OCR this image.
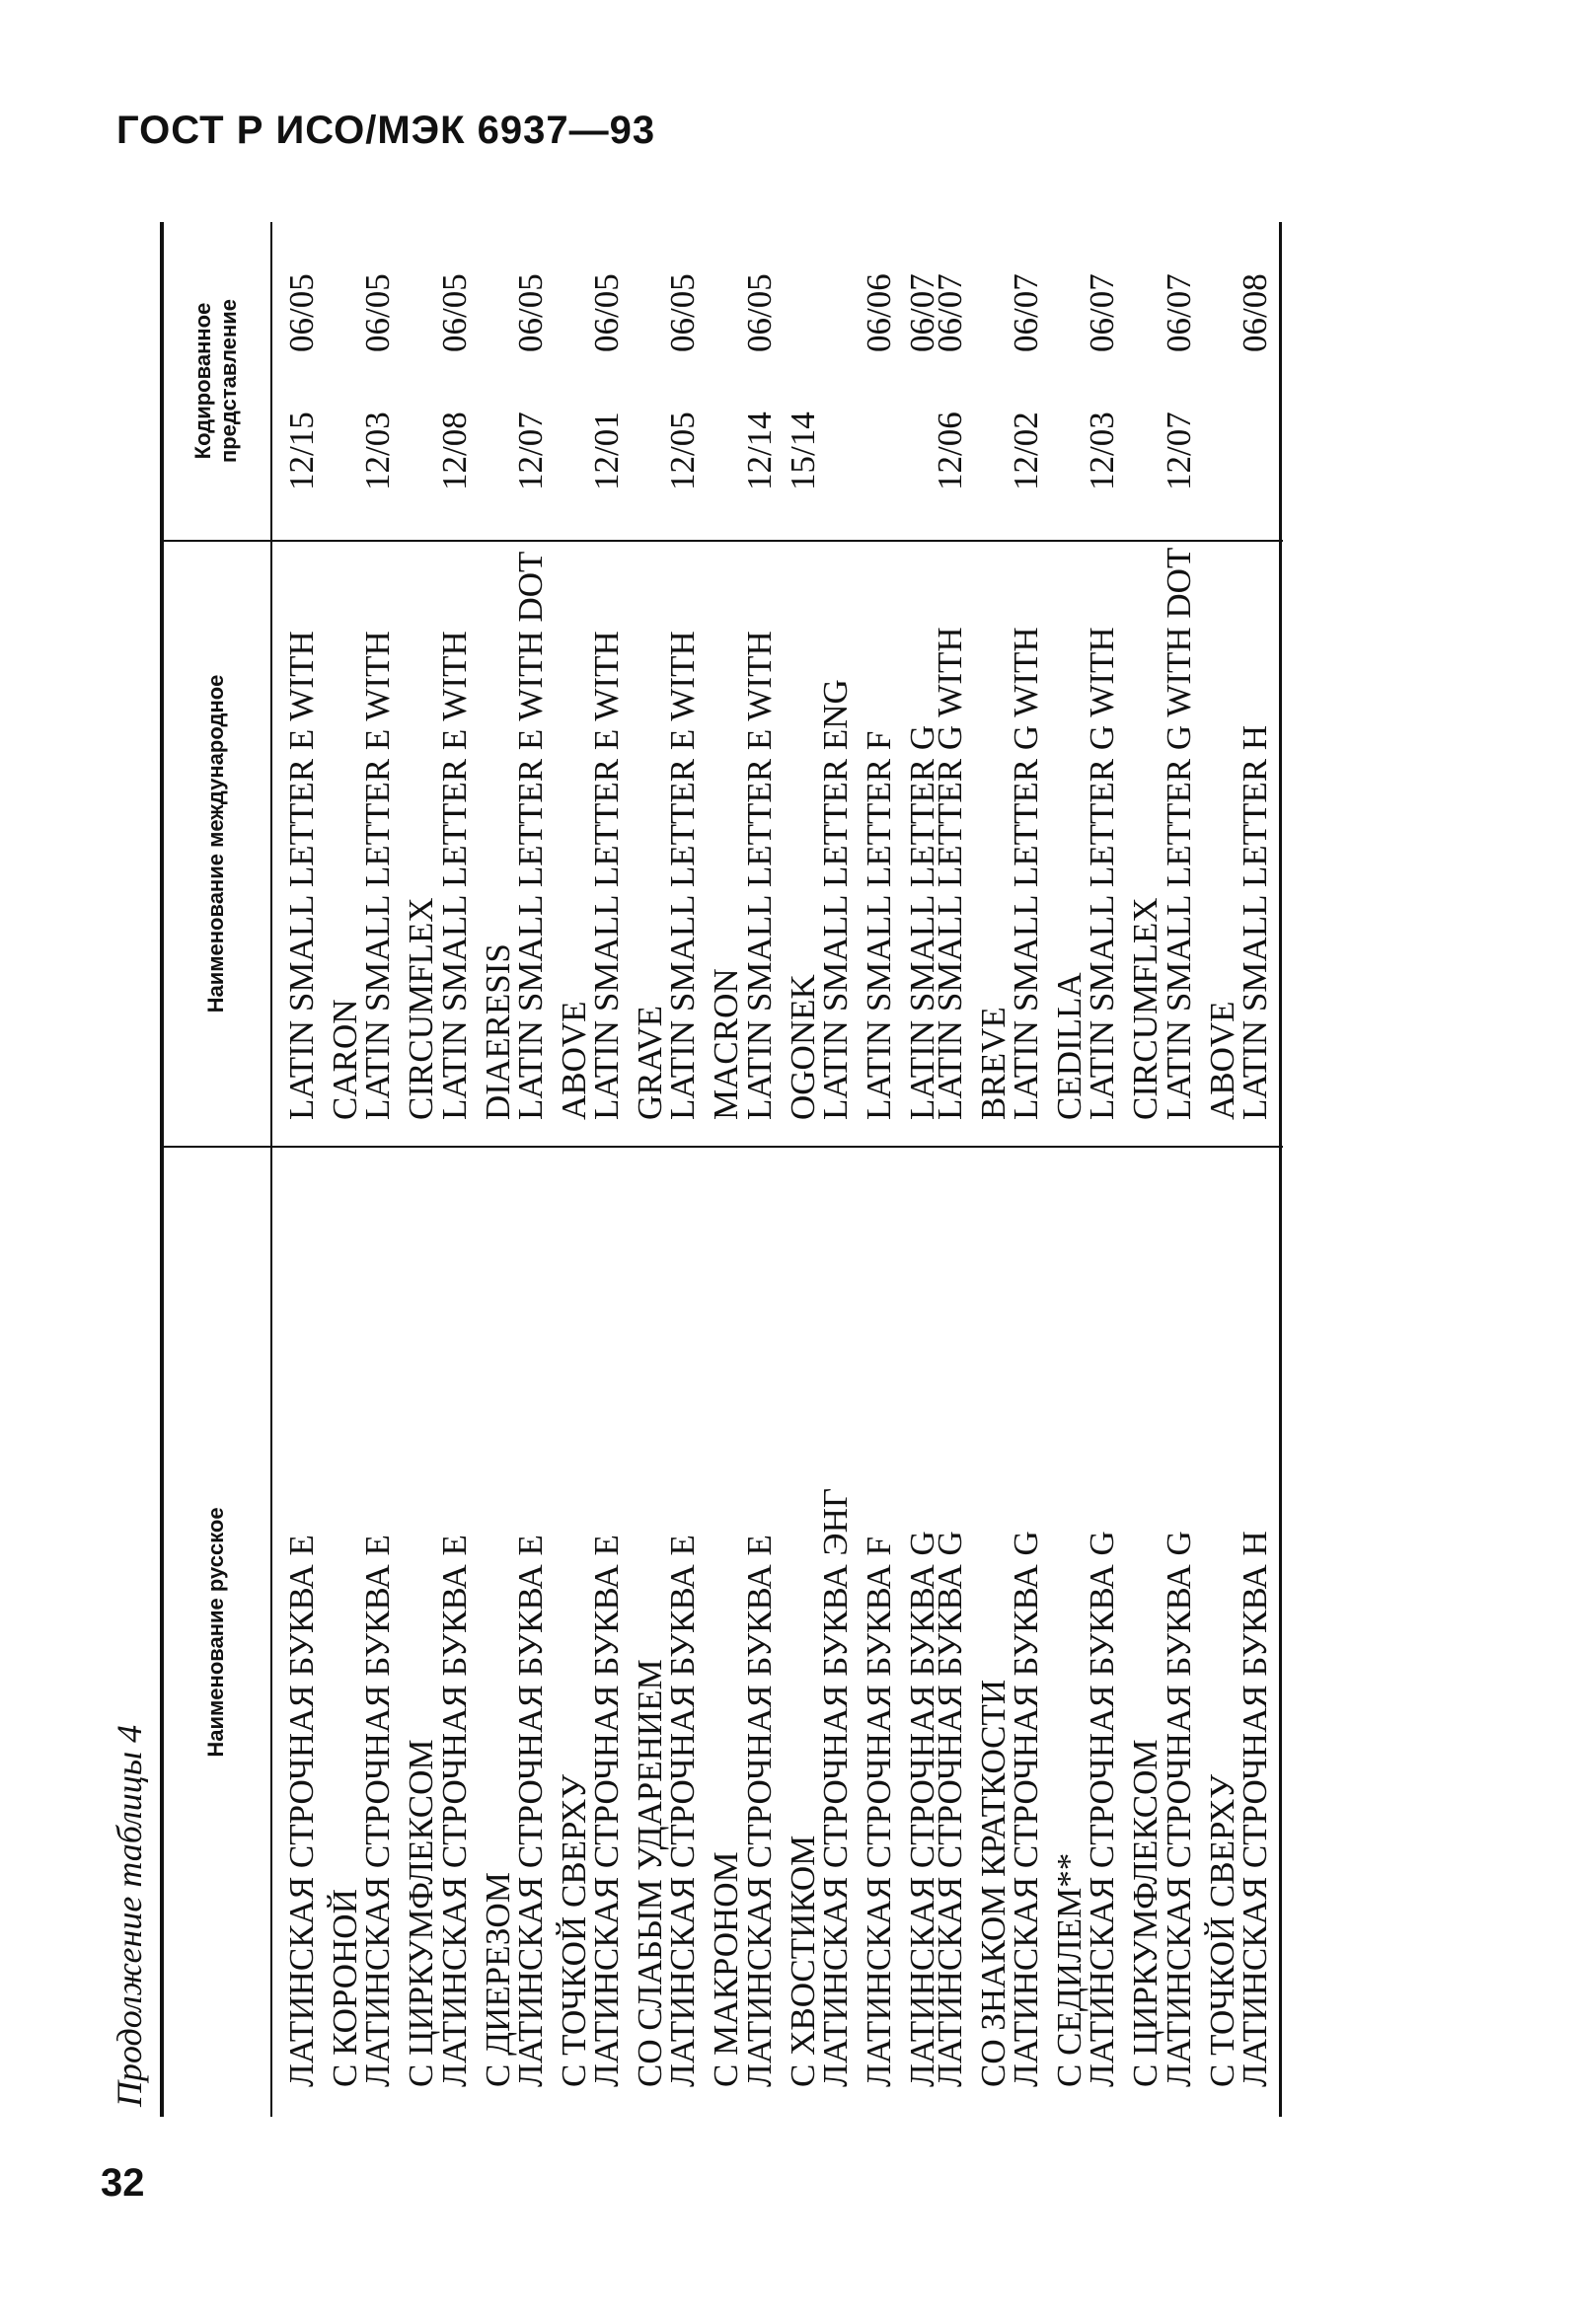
ГОСТ Р ИСО/МЭК 6937—93
32
Продолжение таблицы 4
Наименование русское
Наименование международное
Кодированное представление
ЛАТИНСКАЯ СТРОЧНАЯ БУКВА E С КОРОНОЙ
LATIN SMALL LETTER E WITH CARON
12/15
06/05
ЛАТИНСКАЯ СТРОЧНАЯ БУКВА E С ЦИРКУМФЛЕКСОМ
LATIN SMALL LETTER E WITH CIRCUMFLEX
12/03
06/05
ЛАТИНСКАЯ СТРОЧНАЯ БУКВА E С ДИЕРЕЗОМ
LATIN SMALL LETTER E WITH DIAERESIS
12/08
06/05
ЛАТИНСКАЯ СТРОЧНАЯ БУКВА E С ТОЧКОЙ СВЕРХУ
LATIN SMALL LETTER E WITH DOT ABOVE
12/07
06/05
ЛАТИНСКАЯ СТРОЧНАЯ БУКВА E СО СЛАБЫМ УДАРЕНИЕМ
LATIN SMALL LETTER E WITH GRAVE
12/01
06/05
ЛАТИНСКАЯ СТРОЧНАЯ БУКВА E С МАКРОНОМ
LATIN SMALL LETTER E WITH MACRON
12/05
06/05
ЛАТИНСКАЯ СТРОЧНАЯ БУКВА E С ХВОСТИКОМ
LATIN SMALL LETTER E WITH OGONEK
12/14
06/05
15/14
ЛАТИНСКАЯ СТРОЧНАЯ БУКВА ЭНГ ЛАТИНСКАЯ СТРОЧНАЯ БУКВА F ЛАТИНСКАЯ СТРОЧНАЯ БУКВА G
LATIN SMALL LETTER ENG LATIN SMALL LETTER F LATIN SMALL LETTER G
06/06 06/07
ЛАТИНСКАЯ СТРОЧНАЯ БУКВА G СО ЗНАКОМ КРАТКОСТИ
LATIN SMALL LETTER G WITH BREVE
12/06
06/07
ЛАТИНСКАЯ СТРОЧНАЯ БУКВА G С СЕДИЛЕМ**
LATIN SMALL LETTER G WITH CEDILLA
12/02
06/07
ЛАТИНСКАЯ СТРОЧНАЯ БУКВА G С ЦИРКУМФЛЕКСОМ
LATIN SMALL LETTER G WITH CIRCUMFLEX
12/03
06/07
ЛАТИНСКАЯ СТРОЧНАЯ БУКВА G С ТОЧКОЙ СВЕРХУ
LATIN SMALL LETTER G WITH DOT ABOVE
12/07
06/07
ЛАТИНСКАЯ СТРОЧНАЯ БУКВА H
LATIN SMALL LETTER H
06/08
